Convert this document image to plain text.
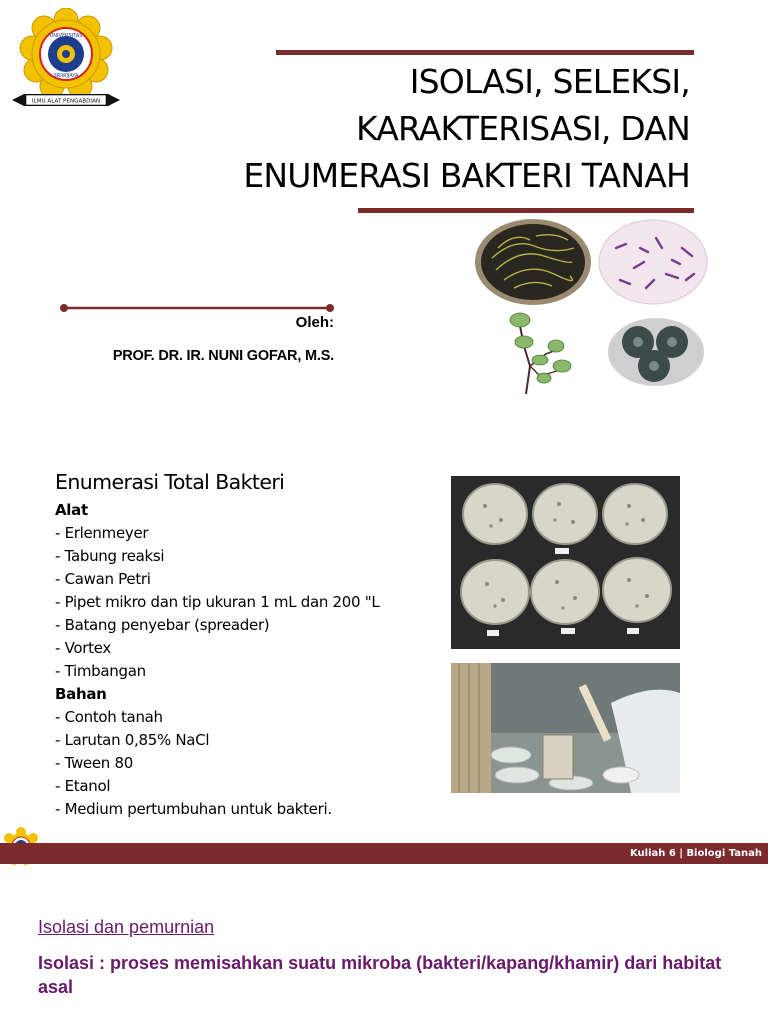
UNIVERSITAS
SRIWIJAYA
ILMU ALAT PENGABDIAN
ISOLASI, SELEKSI,
KARAKTERISASI, DAN
ENUMERASI BAKTERI TANAH
Oleh:
PROF. DR. IR. NUNI GOFAR, M.S.
Enumerasi Total Bakteri
Alat
- Erlenmeyer
- Tabung reaksi
- Cawan Petri
- Pipet mikro dan tip ukuran 1 mL dan 200 "L
- Batang penyebar (spreader)
- Vortex
- Timbangan
Bahan
- Contoh tanah
- Larutan 0,85% NaCl
- Tween 80
- Etanol
- Medium pertumbuhan untuk bakteri.
Kuliah 6 | Biologi Tanah
Isolasi dan pemurnian
Isolasi : proses memisahkan suatu mikroba (bakteri/kapang/khamir) dari habitat asal
